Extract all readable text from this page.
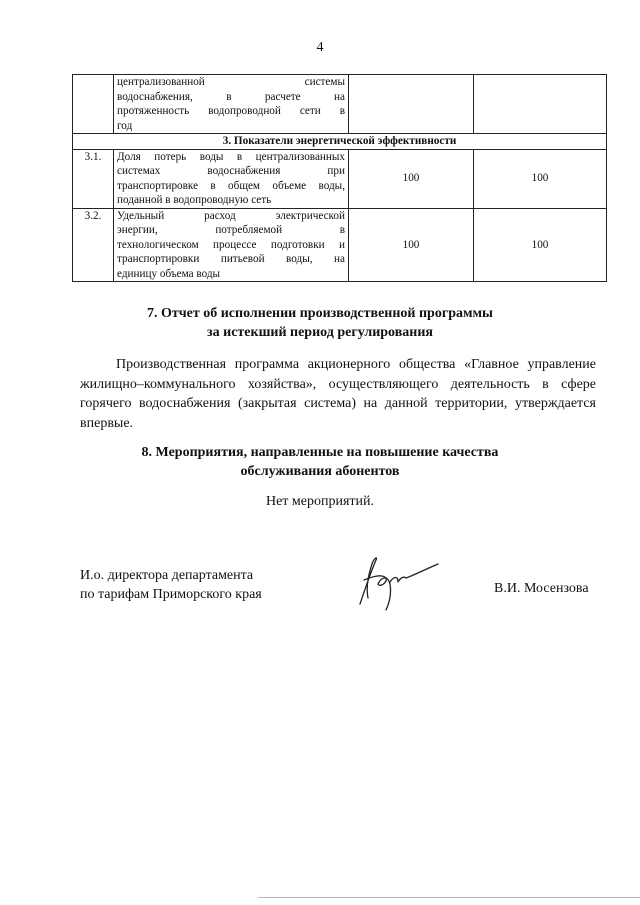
4

	централизованной системы
водоснабжения, в расчете на
протяженность водопроводной сети в
год		

3. Показатели энергетической эффективности			
3.1.	Доля потерь воды в централизованных
системах водоснабжения при
транспортировке в общем объеме воды,
поданной в водопроводную сеть	100	100
3.2.	Удельный расход электрической
энергии, потребляемой в
технологическом процессе подготовки и
транспортировки питьевой воды, на
единицу объема воды	100	100
7. Отчет об исполнении производственной программы
за истекший период регулирования

Производственная программа акционерного общества «Главное управление жилищно–коммунального хозяйства», осуществляющего деятельность в сфере горячего водоснабжения (закрытая система) на данной территории, утверждается впервые.

8. Мероприятия, направленные на повышение качества
обслуживания абонентов
Нет мероприятий.
И.о. директора департамента
по тарифам Приморского края	В.И. Мосензова
